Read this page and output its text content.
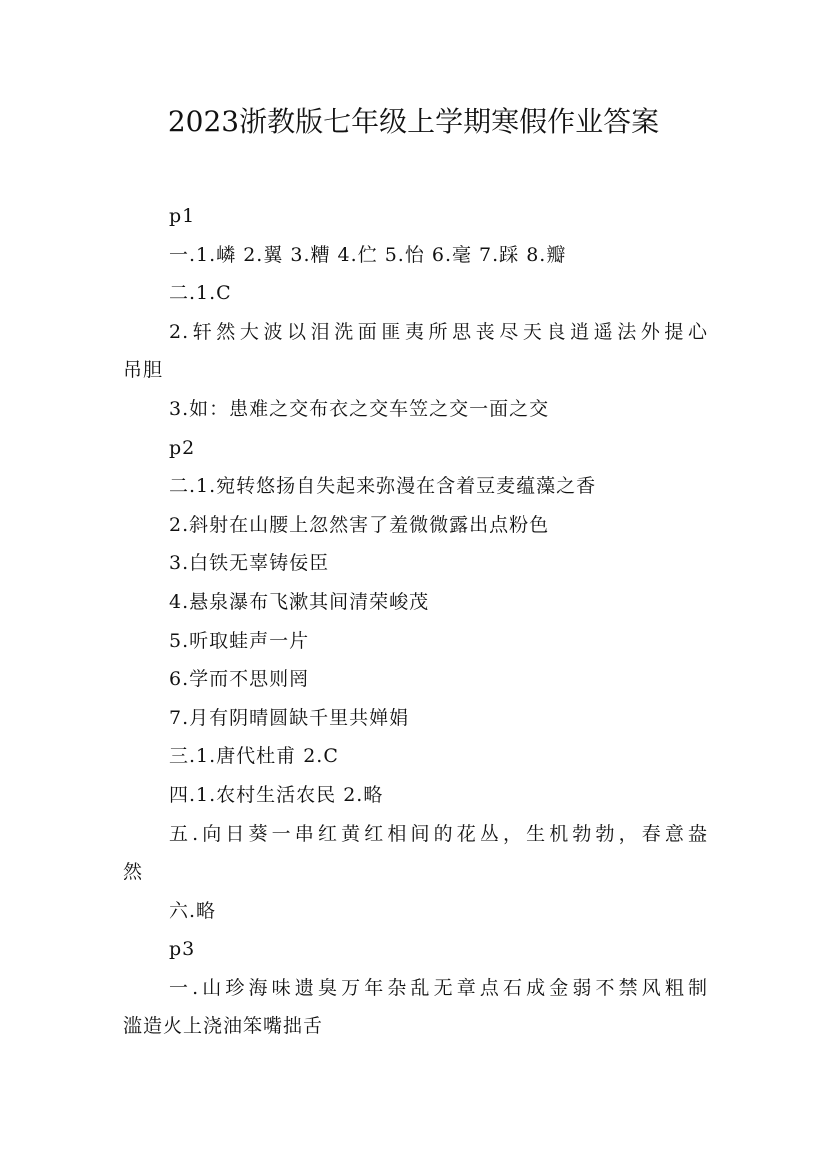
2023浙教版七年级上学期寒假作业答案

p1

一.1.嶙 2.翼 3.糟 4.伫 5.怡 6.毫 7.踩 8.瓣

二.1.C

2.轩然大波以泪洗面匪夷所思丧尽天良逍遥法外提心

吊胆

3.如：患难之交布衣之交车笠之交一面之交

p2

二.1.宛转悠扬自失起来弥漫在含着豆麦蕴藻之香

2.斜射在山腰上忽然害了羞微微露出点粉色

3.白铁无辜铸佞臣

4.悬泉瀑布飞漱其间清荣峻茂

5.听取蛙声一片

6.学而不思则罔

7.月有阴晴圆缺千里共婵娟

三.1.唐代杜甫 2.C

四.1.农村生活农民 2.略

五.向日葵一串红黄红相间的花丛，生机勃勃，春意盎

然

六.略

p3

一.山珍海味遗臭万年杂乱无章点石成金弱不禁风粗制

滥造火上浇油笨嘴拙舌
